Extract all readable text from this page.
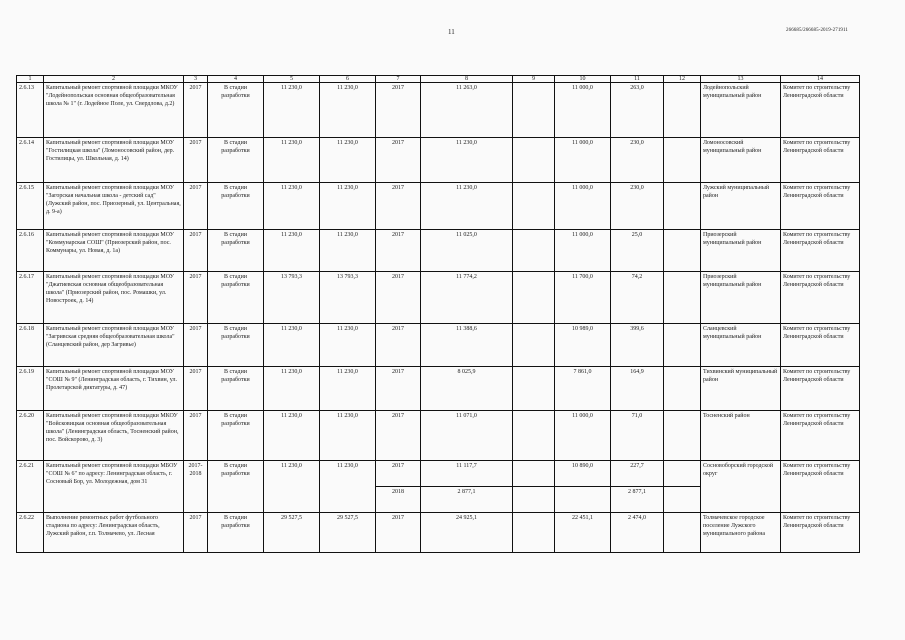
11	266685/266685-2019-271911
1	2	3	4	5	6	7	8	9	10	11	12	13	14
2.6.13	Капитальный ремонт спортивной площадки МКОУ "Лодейнопольская основная общеобразовательная школа № 1" (г. Лодейное Поле, ул. Свердлова, д.2)	2017	В стадии разработки	11 230,0	11 230,0	2017	11 263,0		11 000,0	263,0		Лодейнопольский муниципальный район	Комитет по строительству Ленинградской области
2.6.14	Капитальный ремонт спортивной площадки МОУ "Гостилицкая школа" (Ломоносовский район, дер. Гостилицы, ул. Школьная, д. 14)	2017	В стадии разработки	11 230,0	11 230,0	2017	11 230,0		11 000,0	230,0		Ломоносовский муниципальный район	Комитет по строительству Ленинградской области
2.6.15	Капитальный ремонт спортивной площадки МОУ "Загорская начальная школа - детский сад" (Лужский район, пос. Приозерный, ул. Центральная, д. 9-а)	2017	В стадии разработки	11 230,0	11 230,0	2017	11 230,0		11 000,0	230,0		Лужский муниципальный район	Комитет по строительству Ленинградской области
2.6.16	Капитальный ремонт спортивной площадки МОУ "Коммунарская СОШ" (Приозерский район, пос. Коммунары, ул. Новая, д. 1а)	2017	В стадии разработки	11 230,0	11 230,0	2017	11 025,0		11 000,0	25,0		Приозерский муниципальный район	Комитет по строительству Ленинградской области
2.6.17	Капитальный ремонт спортивной площадки МОУ "Джатиевская основная общеобразовательная школа" (Приозерский район, пос. Ромашки, ул. Новостроек, д. 14)	2017	В стадии разработки	13 793,3	13 793,3	2017	11 774,2		11 700,0	74,2		Приозерский муниципальный район	Комитет по строительству Ленинградской области
2.6.18	Капитальный ремонт спортивной площадки МОУ "Загривская средняя общеобразовательная школа" (Сланцевский район, дер Загривье)	2017	В стадии разработки	11 230,0	11 230,0	2017	11 388,6		10 989,0	399,6		Сланцевский муниципальный район	Комитет по строительству Ленинградской области
2.6.19	Капитальный ремонт спортивной площадки МОУ "СОШ № 9" (Ленинградская область, г. Тихвин, ул. Пролетарской диктатуры, д. 47)	2017	В стадии разработки	11 230,0	11 230,0	2017	8 025,9		7 861,0	164,9		Тихвинский муниципальный район	Комитет по строительству Ленинградской области
2.6.20	Капитальный ремонт спортивной площадки МКОУ "Войсковицкая основная общеобразовательная школа" (Ленинградская область, Тосненский район, пос. Войскорово, д. 3)	2017	В стадии разработки	11 230,0	11 230,0	2017	11 071,0		11 000,0	71,0		Тосненский район	Комитет по строительству Ленинградской области
2.6.21	Капитальный ремонт спортивной площадки МБОУ "СОШ № 6" по адресу: Ленинградская область, г. Сосновый Бор, ул. Молодежная, дом 31	2017-2018	В стадии разработки	11 230,0	11 230,0	2017	11 117,7		10 890,0	227,7		Сосновоборский городской округ	Комитет по строительству Ленинградской области
						2018	2 877,1			2 877,1			
2.6.22	Выполнение ремонтных работ футбольного стадиона по адресу: Ленинградская область, Лужский район, г.п. Толмачево, ул. Лесная	2017	В стадии разработки	29 527,5	29 527,5	2017	24 925,1		22 451,1	2 474,0		Толмачевское городское поселение Лужского муниципального района	Комитет по строительству Ленинградской области
